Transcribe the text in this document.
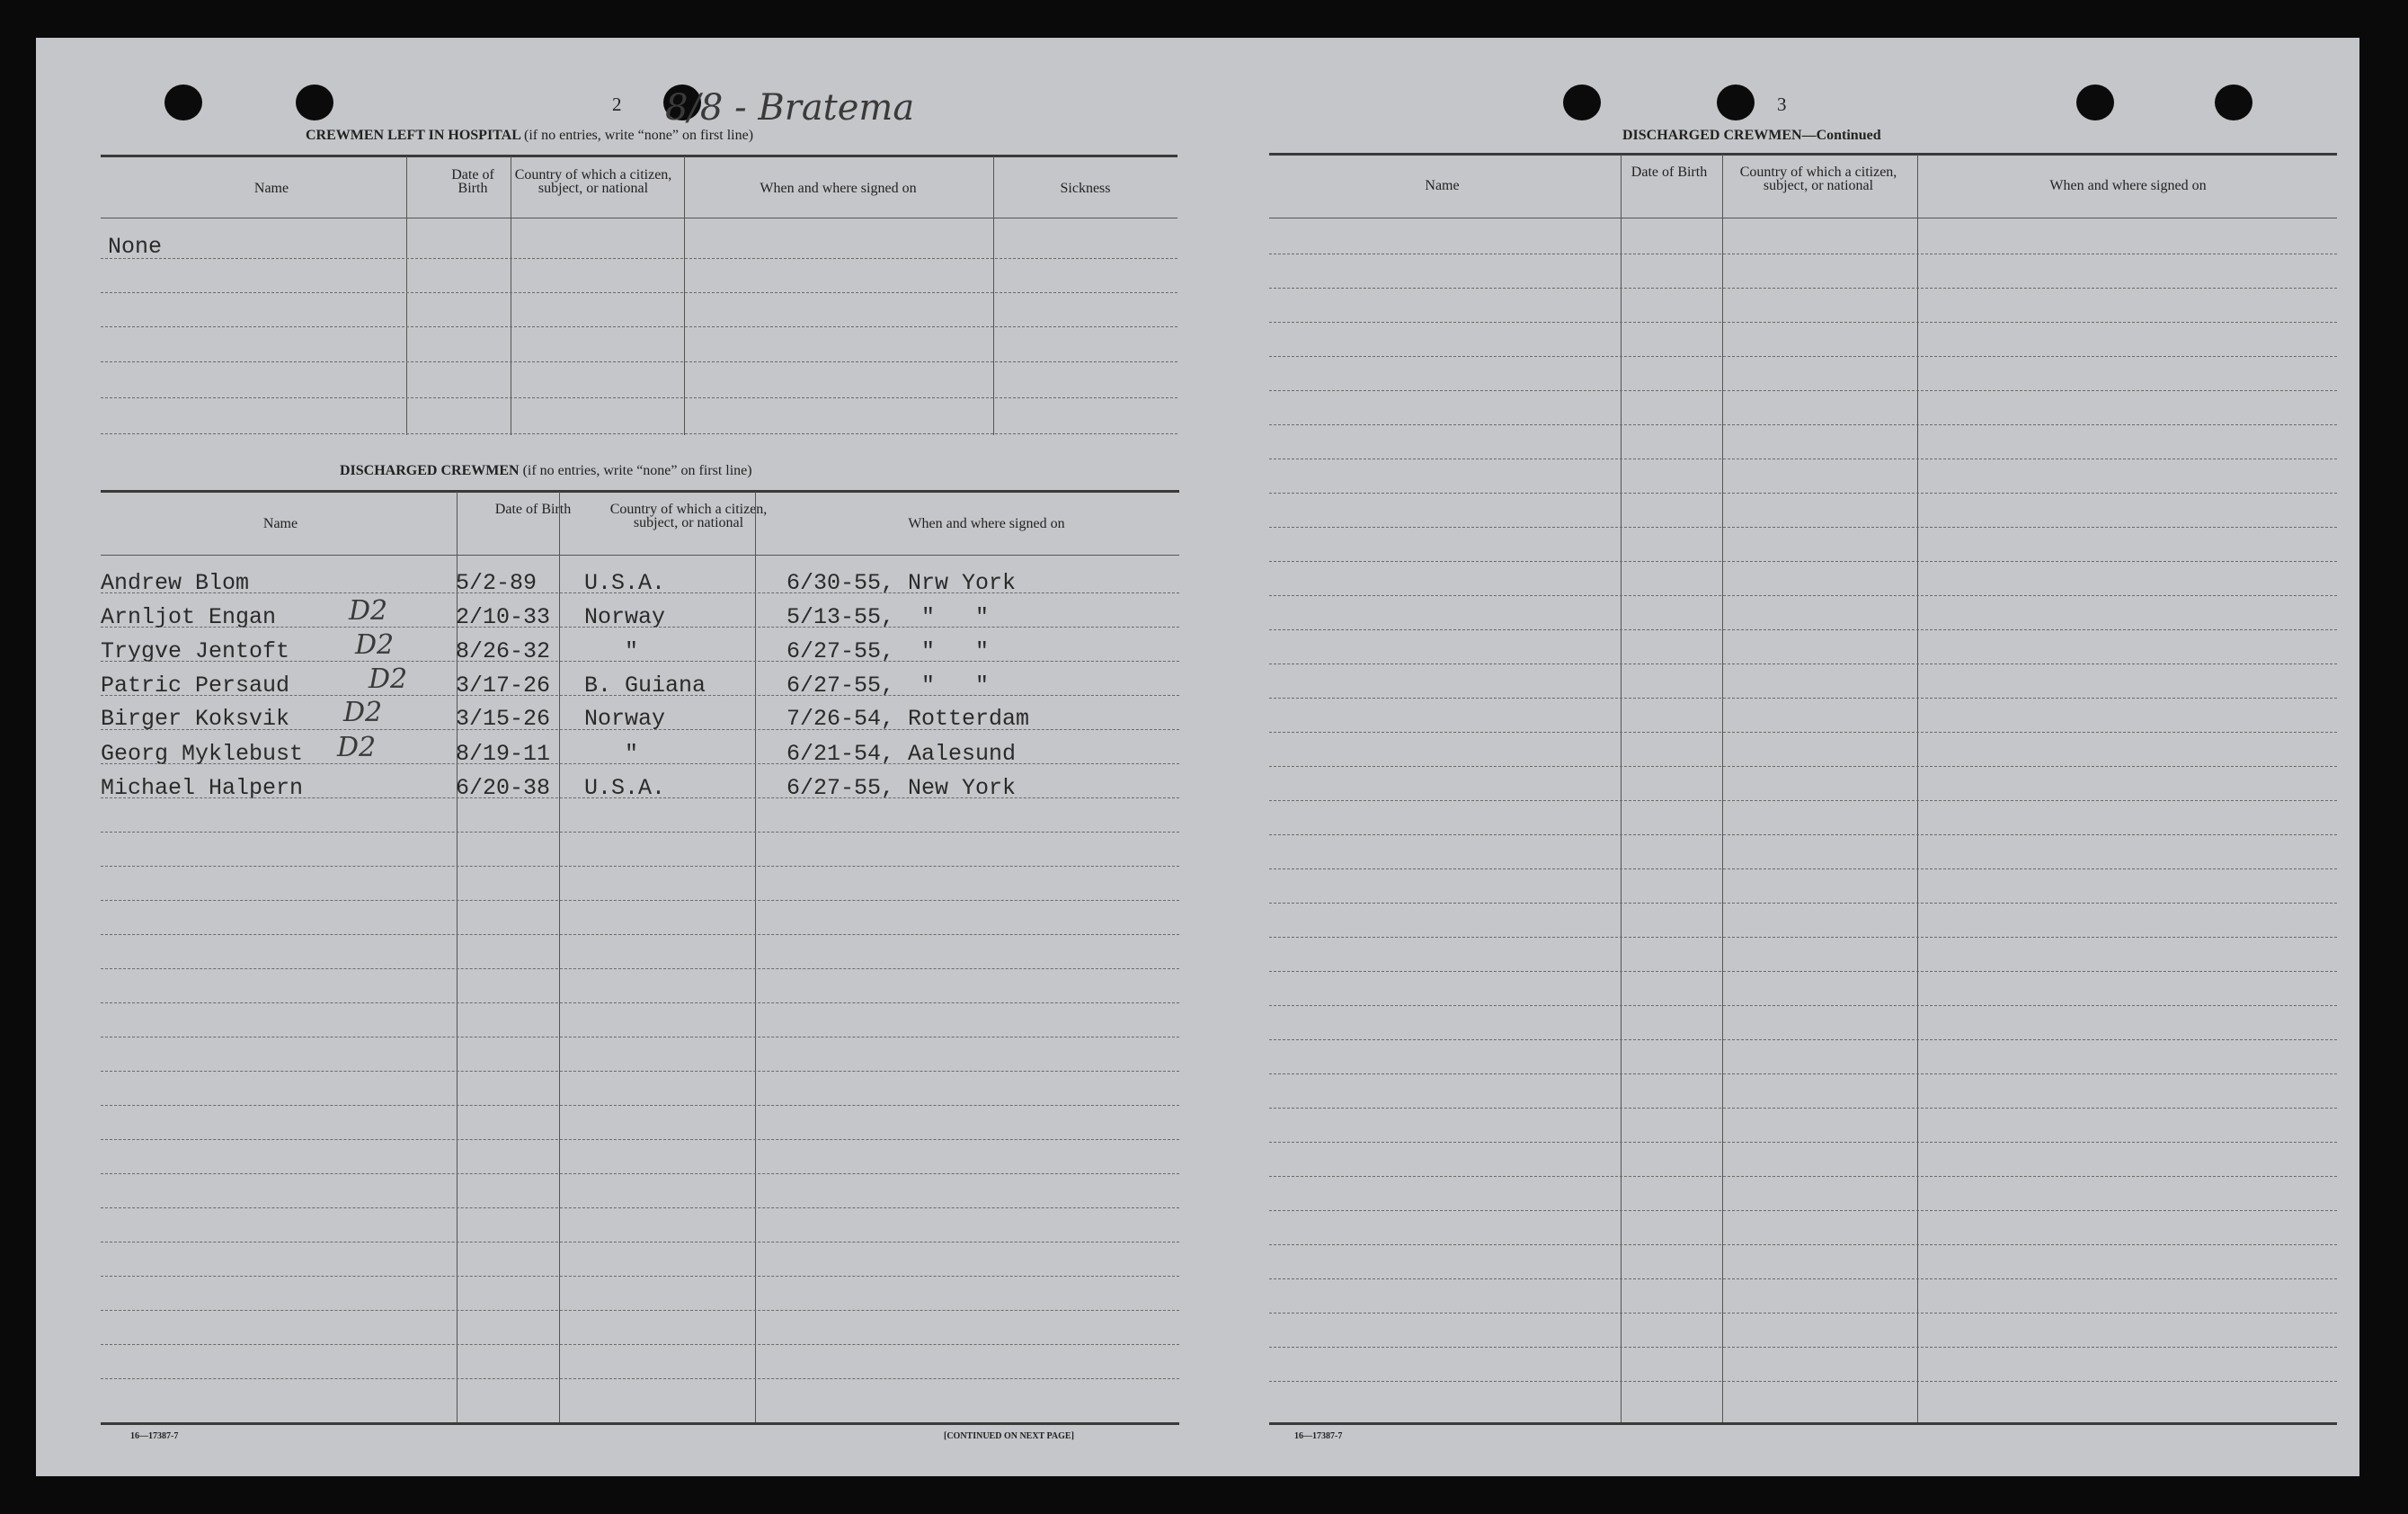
2 8/8 - Bratema
CREWMEN LEFT IN HOSPITAL (if no entries, write “none” on first line)
Name
Date of Birth
Country of which a citizen, subject, or national	When and where signed on	Sickness
None
DISCHARGED CREWMEN (if no entries, write “none” on first line)
Name
Date of Birth	Country of which a citizen, subject, or national	When and where signed on
Andrew Blom	5/2-89 U.S.A.	6/30-55, Nrw York
Arnljot Engan	D2	2/10-33 Norway	5/13-55,  "   "
Trygve Jentoft D2	8/26-32 "	6/27-55,  "   "
Patric Persaud	D2 3/17-26 B. Guiana	6/27-55,  "   "
Birger Koksvik D2	3/15-26 Norway	7/26-54, Rotterdam
Georg Myklebust D2	8/19-11 "	6/21-54, Aalesund
Michael Halpern	6/20-38 U.S.A.	6/27-55, New York
16—17387-7	[CONTINUED ON NEXT PAGE]
3
DISCHARGED CREWMEN—Continued
Name
Date of Birth	Country of which a citizen, subject, or national	When and where signed on
16—17387-7
